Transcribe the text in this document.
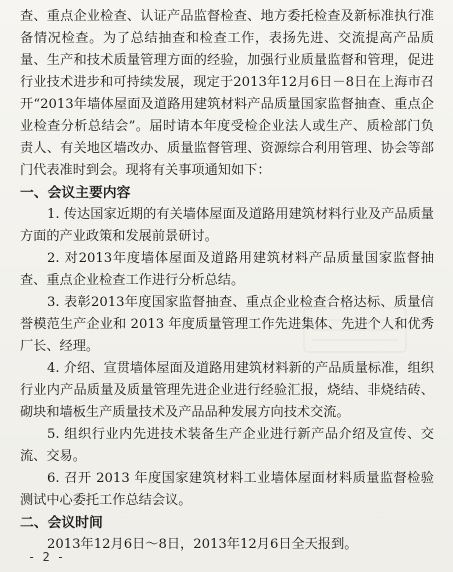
查、重点企业检查、认证产品监督检查、地方委托检查及新标准执行准备情况检查。为了总结抽查和检查工作，表扬先进、交流提高产品质量、生产和技术质量管理方面的经验，加强行业质量监督和管理，促进行业技术进步和可持续发展，现定于2013年12月6日－8日在上海市召开“2013年墙体屋面及道路用建筑材料产品质量国家监督抽查、重点企业检查分析总结会”。届时请本年度受检企业法人或生产、质检部门负责人、有关地区墙改办、质量监督管理、资源综合利用管理、协会等部门代表准时到会。现将有关事项通知如下：

一、会议主要内容

1. 传达国家近期的有关墙体屋面及道路用建筑材料行业及产品质量方面的产业政策和发展前景研讨。

2. 对2013年度墙体屋面及道路用建筑材料产品质量国家监督抽查、重点企业检查工作进行分析总结。

3. 表彰2013年度国家监督抽查、重点企业检查合格达标、质量信誉模范生产企业和 2013 年度质量管理工作先进集体、先进个人和优秀厂长、经理。

4. 介绍、宣贯墙体屋面及道路用建筑材料新的产品质量标准，组织行业内产品质量及质量管理先进企业进行经验汇报，烧结、非烧结砖、砌块和墙板生产质量技术及产品品种发展方向技术交流。

5. 组织行业内先进技术装备生产企业进行新产品介绍及宣传、交流、交易。

6. 召开 2013 年度国家建筑材料工业墙体屋面材料质量监督检验测试中心委托工作总结会议。

二、会议时间

2013年12月6日～8日，2013年12月6日全天报到。

- 2 -
